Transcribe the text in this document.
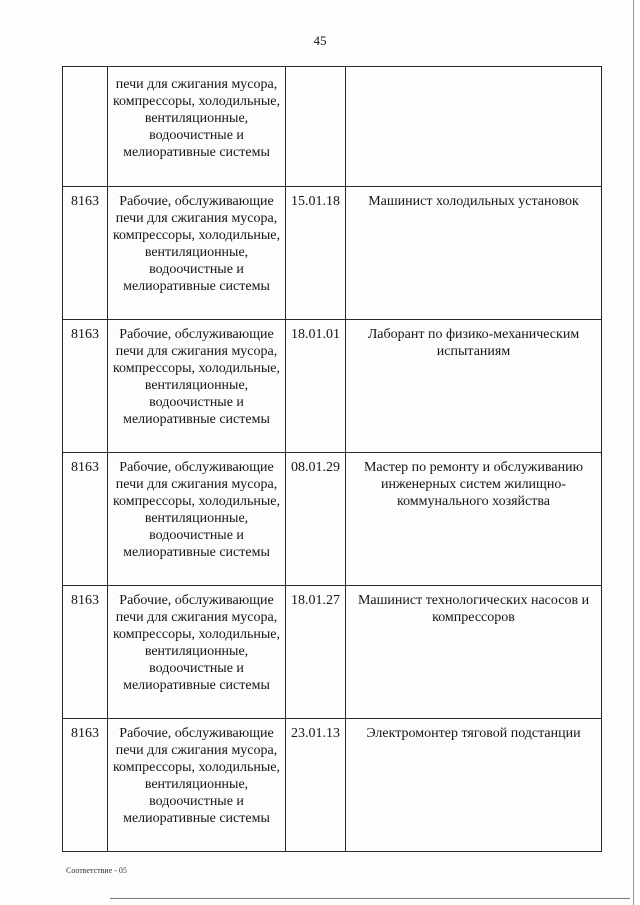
45
	печи для сжигания мусора, компрессоры, холодильные, вентиляционные, водоочистные и мелиоративные системы		
8163	Рабочие, обслуживающие печи для сжигания мусора, компрессоры, холодильные, вентиляционные, водоочистные и мелиоративные системы	15.01.18	Машинист холодильных установок
8163	Рабочие, обслуживающие печи для сжигания мусора, компрессоры, холодильные, вентиляционные, водоочистные и мелиоративные системы	18.01.01	Лаборант по физико-механическим испытаниям
8163	Рабочие, обслуживающие печи для сжигания мусора, компрессоры, холодильные, вентиляционные, водоочистные и мелиоративные системы	08.01.29	Мастер по ремонту и обслуживанию инженерных систем жилищно-коммунального хозяйства
8163	Рабочие, обслуживающие печи для сжигания мусора, компрессоры, холодильные, вентиляционные, водоочистные и мелиоративные системы	18.01.27	Машинист технологических насосов и компрессоров
8163	Рабочие, обслуживающие печи для сжигания мусора, компрессоры, холодильные, вентиляционные, водоочистные и мелиоративные системы	23.01.13	Электромонтер тяговой подстанции
Соответствие - 05
